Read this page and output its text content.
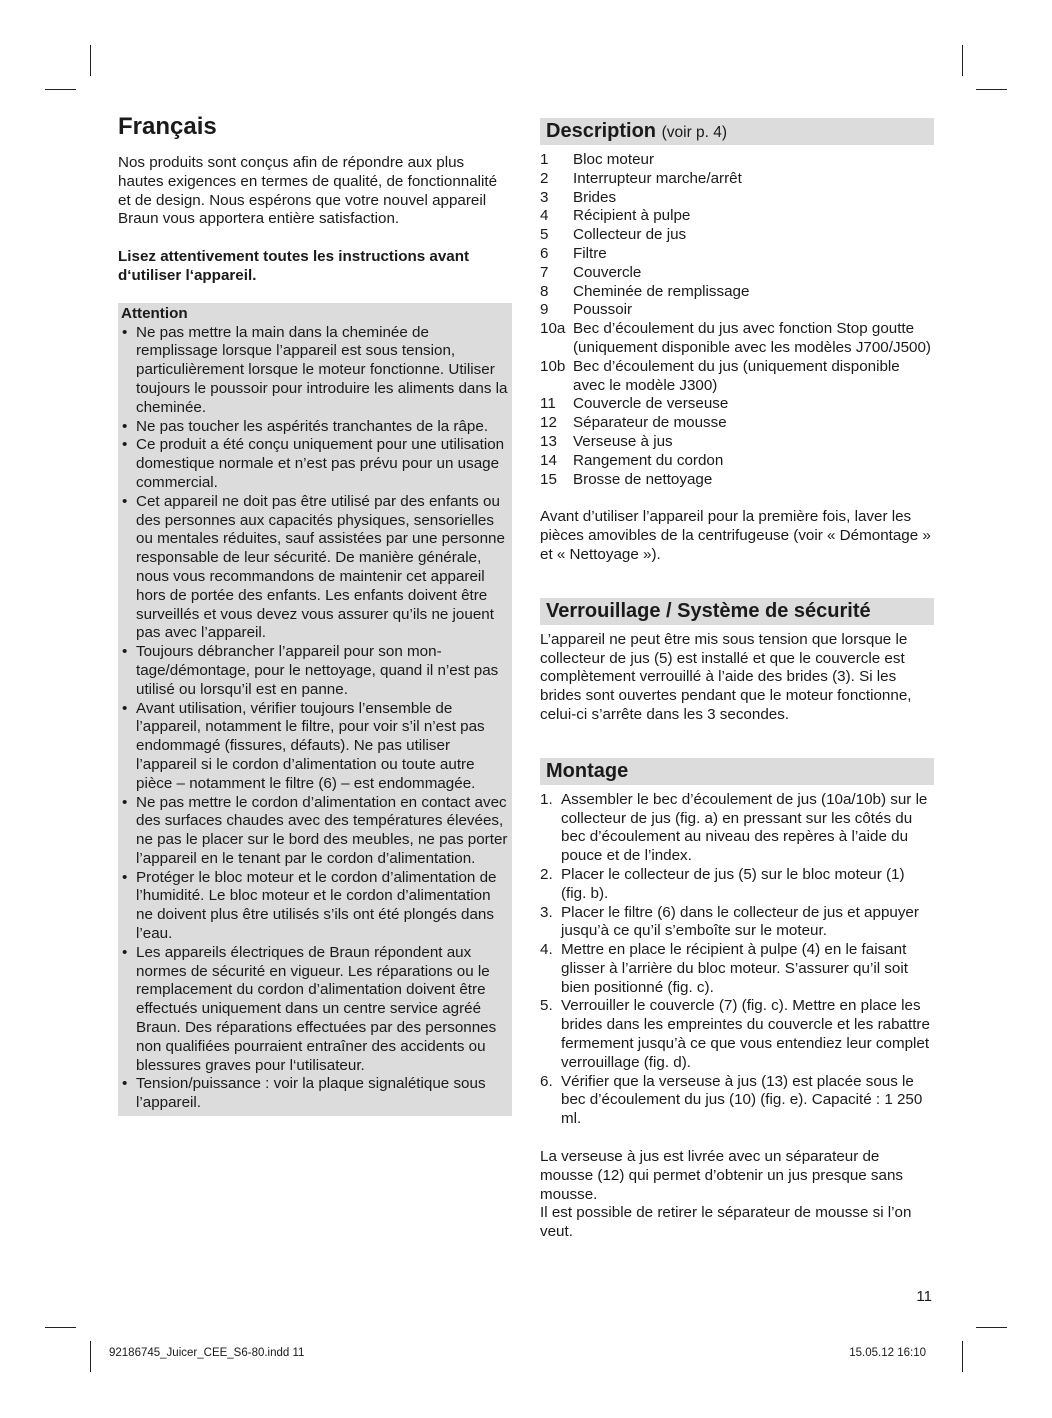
Français

Nos produits sont conçus afin de répondre aux plus hautes exigences en termes de qualité, de fonctionnalité et de design. Nous espérons que votre nouvel appareil Braun vous apportera entière satisfaction.

Lisez attentivement toutes les instructions avant d‘utiliser l‘appareil.

Attention
• Ne pas mettre la main dans la cheminée de remplissage lorsque l’appareil est sous tension, particulièrement lorsque le moteur fonctionne. Utiliser toujours le poussoir pour introduire les aliments dans la cheminée.
• Ne pas toucher les aspérités tranchantes de la râpe.
• Ce produit a été conçu uniquement pour une utilisation domestique normale et n’est pas prévu pour un usage commercial.
• Cet appareil ne doit pas être utilisé par des enfants ou des personnes aux capacités physiques, sensorielles ou mentales réduites, sauf assistées par une personne responsable de leur sécurité. De manière générale, nous vous recommandons de maintenir cet appareil hors de portée des enfants. Les enfants doivent être surveillés et vous devez vous assurer qu’ils ne jouent pas avec l’appareil.
• Toujours débrancher l’appareil pour son montage/démontage, pour le nettoyage, quand il n’est pas utilisé ou lorsqu’il est en panne.
• Avant utilisation, vérifier toujours l’ensemble de l’appareil, notamment le filtre, pour voir s’il n’est pas endommagé (fissures, défauts). Ne pas utiliser l’appareil si le cordon d’alimentation ou toute autre pièce – notamment le filtre (6) – est endommagée.
• Ne pas mettre le cordon d’alimentation en contact avec des surfaces chaudes avec des températures élevées, ne pas le placer sur le bord des meubles, ne pas porter l’appareil en le tenant par le cordon d’alimentation.
• Protéger le bloc moteur et le cordon d’alimentation de l’humidité. Le bloc moteur et le cordon d’alimentation ne doivent plus être utilisés s’ils ont été plongés dans l’eau.
• Les appareils électriques de Braun répondent aux normes de sécurité en vigueur. Les réparations ou le remplacement du cordon d’alimentation doivent être effectués uniquement dans un centre service agréé Braun. Des réparations effectuées par des personnes non qualifiées pourraient entraîner des accidents ou blessures graves pour l‘utilisateur.
• Tension/puissance : voir la plaque signalétique sous l’appareil.
Description (voir p. 4)
1	Bloc moteur
2	Interrupteur marche/arrêt
3	Brides
4	Récipient à pulpe
5	Collecteur de jus
6	Filtre
7	Couvercle
8	Cheminée de remplissage
9	Poussoir
10a Bec d’écoulement du jus avec fonction Stop goutte (uniquement disponible avec les modèles J700/J500)
10b Bec d’écoulement du jus (uniquement disponible avec le modèle J300)
11	Couvercle de verseuse
12	Séparateur de mousse
13	Verseuse à jus
14	Rangement du cordon
15	Brosse de nettoyage

Avant d’utiliser l’appareil pour la première fois, laver les pièces amovibles de la centrifugeuse (voir « Démontage » et « Nettoyage »).

Verrouillage / Système de sécurité

L’appareil ne peut être mis sous tension que lorsque le collecteur de jus (5) est installé et que le couvercle est complètement verrouillé à l’aide des brides (3). Si les brides sont ouvertes pendant que le moteur fonctionne, celui-ci s’arrête dans les 3 secondes.

Montage
1. Assembler le bec d’écoulement de jus (10a/10b) sur le collecteur de jus (fig. a) en pressant sur les côtés du bec d’écoulement au niveau des repères à l’aide du pouce et de l’index.
2. Placer le collecteur de jus (5) sur le bloc moteur (1) (fig. b).
3. Placer le filtre (6) dans le collecteur de jus et appuyer jusqu’à ce qu’il s’emboîte sur le moteur.
4. Mettre en place le récipient à pulpe (4) en le faisant glisser à l’arrière du bloc moteur. S’assurer qu’il soit bien positionné (fig. c).
5. Verrouiller le couvercle (7) (fig. c). Mettre en place les brides dans les empreintes du couvercle et les rabattre fermement jusqu’à ce que vous entendiez leur complet verrouillage (fig. d).
6. Vérifier que la verseuse à jus (13) est placée sous le bec d’écoulement du jus (10) (fig. e). Capacité : 1 250 ml.

La verseuse à jus est livrée avec un séparateur de mousse (12) qui permet d’obtenir un jus presque sans mousse.

Il est possible de retirer le séparateur de mousse si l’on veut.

11
92186745_Juicer_CEE_S6-80.indd 11	15.05.12 16:10
